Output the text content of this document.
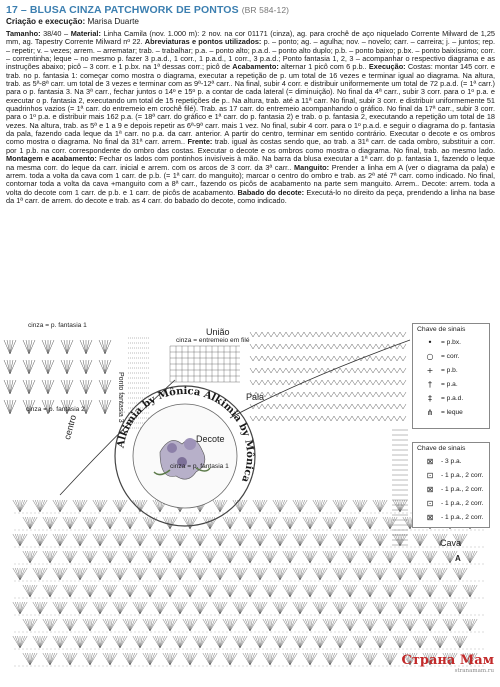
17 – BLUSA CINZA PATCHWORK DE PONTOS (BR 584-12)
Criação e execução: Marisa Duarte
Tamanho: 38/40 – Material: Linha Camila (nov. 1.000 m): 2 nov. na cor 01171 (cinza), ag. para crochê de aço niquelado Corrente Milward de 1,25 mm, ag. Tapestry Corrente Milward nº 22. Abreviaturas e pontos utilizados: p. – ponto; ag. – agulha; nov. – novelo; carr. – carreira; j. – juntos; rep. – repetir; v. – vezes; arrem. – arrematar; trab. – trabalhar; p.a. – ponto alto; p.a.d. – ponto alto duplo; p.b. – ponto baixo; p.bx. – ponto baixíssimo; corr. – correntinha; leque – no mesmo p. fazer 3 p.a.d., 1 corr., 1 p.a.d., 1 corr., 3 p.a.d.; Ponto fantasia 1, 2, 3 – acompanhar o respectivo diagrama e as instruções abaixo; picô – 3 corr. e 1 p.bx. na 1ª dessas corr.; picô de Acabamento: alternar 1 picô com 6 p.b.. Execução: Costas: montar 145 corr. e trab. no p. fantasia 1: começar como mostra o diagrama, executar a repetição de p. um total de 16 vezes e terminar igual ao diagrama. Na altura, trab. as 5ª-8ª carr. um total de 3 vezes e terminar com as 9ª-12ª carr.. Na final, subir 4 corr. e distribuir uniformemente um total de 72 p.a.d. (= 1ª carr.) para o p. fantasia 3. Na 3ª carr., fechar juntos o 14º e 15º p. a contar de cada lateral (= diminuição). No final da 4ª carr., subir 3 corr. para o 1º p.a. e executar o p. fantasia 2, executando um total de 15 repetições de p.. Na altura, trab. até a 11ª carr. No final, subir 3 corr. e distribuir uniformemente 51 quadrinhos vazios (= 1ª carr. do entremeio em crochê filé). Trab. as 17 carr. do entremeio acompanhando o gráfico. No final da 17ª carr., subir 3 corr. para o 1º p.a. e distribuir mais 162 p.a. (= 18ª carr. do gráfico e 1ª carr. do p. fantasia 2) e trab. o p. fantasia 2, executando a repetição um total de 18 vezes. Na altura, trab. as 5ª e 1 a 9 e depois repetir as 6ª-9ª carr. mais 1 vez. No final, subir 4 corr. para o 1º p.a.d. e seguir o diagrama do p. fantasia da pala, fazendo cada leque da 1ª carr. no p.a. da carr. anterior. A partir do centro, terminar em sentido contrário. Executar o decote e os ombros como mostra o diagrama. No final da 31ª carr. arrem.. Frente: trab. igual às costas sendo que, ao trab. a 31ª carr. de cada ombro, substituir a corr. por 1 p.b. na corr. correspondente do ombro das costas. Executar o decote e os ombros como mostra o diagrama. No final, trab. ao mesmo lado. Montagem e acabamento: Fechar os lados com pontinhos invisíveis à mão. Na barra da blusa executar a 1ª carr. do p. fantasia 1, fazendo o leque na mesma corr. do leque da carr. inicial e arrem. com os arcos de 3 corr. da 3ª carr.. Manguito: Prender a linha em A (ver o diagrama da pala) e arrem. toda a volta da cava com 1 carr. de p.b. (= 1ª carr. do manguito); marcar o centro do ombro e trab. as 2ª até 7ª carr. como indicado. No final, contornar toda a volta da cava +manguito com a 8ª carr., fazendo os picôs de acabamento na parte sem manguito. Arrem.. Decote: arrem. toda a volta do decote com 1 carr. de p.b. e 1 carr. de picôs de acabamento. Babado do decote: Executá-lo no direito da peça, prendendo a linha na base da 1ª carr. de arrem. do decote e trab. as 4 carr. do babado do decote, como indicado.
Alkimia by Mônica Alkimia by Mônica
cinza = p. fantasia 1
Ponto fantasia 3
União
cinza = entremeio em filé
cinza = p. fantasia 1
cinza = p. fantasia 2
centro
Pala
Decote
Cava
A
Chave de sinais
•	= p.bx.
○	= corr.
+	= p.b.
†	= p.a.
‡	= p.a.d.
⋔	= leque
Chave de sinais
⊠	- 3 p.a.
⊡	- 1 p.a., 2 corr.
⊠	- 1 p.a., 2 corr.
⊡	- 1 p.a., 2 corr.
⊠	- 1 p.a., 2 corr.
Страна Мам
stranamam.ru
